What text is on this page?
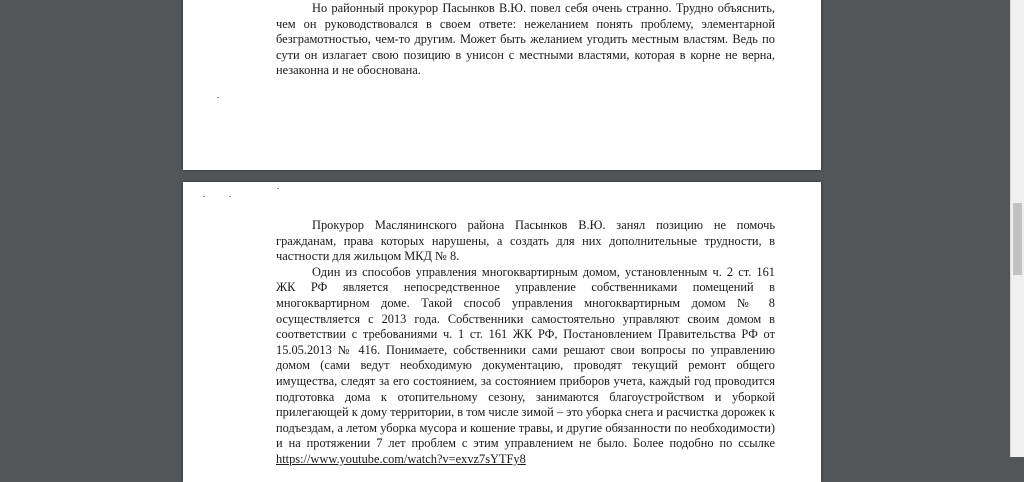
Но районный прокурор Пасынков В.Ю. повел себя очень странно. Трудно объяснить, чем он руководствовался в своем ответе: нежеланием понять проблему, элементарной безграмотностью, чем-то другим. Может быть желанием угодить местным властям. Ведь по сути он излагает свою позицию в унисон с местными властями, которая в корне не верна, незаконна и не обоснована.

Прокурор Маслянинского района Пасынков В.Ю. занял позицию не помочь гражданам, права которых нарушены, а создать для них дополнительные трудности, в частности для жильцом МКД № 8.

Один из способов управления многоквартирным домом, установленным ч. 2 ст. 161 ЖК РФ является непосредственное управление собственниками помещений в многоквартирном доме. Такой способ управления многоквартирным домом № 8 осуществляется с 2013 года. Собственники самостоятельно управляют своим домом в соответствии с требованиями ч. 1 ст. 161 ЖК РФ, Постановлением Правительства РФ от 15.05.2013 № 416. Понимаете, собственники сами решают свои вопросы по управлению домом (сами ведут необходимую документацию, проводят текущий ремонт общего имущества, следят за его состоянием, за состоянием приборов учета, каждый год проводится подготовка дома к отопительному сезону, занимаются благоустройством и уборкой прилегающей к дому территории, в том числе зимой – это уборка снега и расчистка дорожек к подъездам, а летом уборка мусора и кошение травы, и другие обязанности по необходимости) и на протяжении 7 лет проблем с этим управлением не было. Более подобно по ссылке https://www.youtube.com/watch?v=exvz7sYTFy8
